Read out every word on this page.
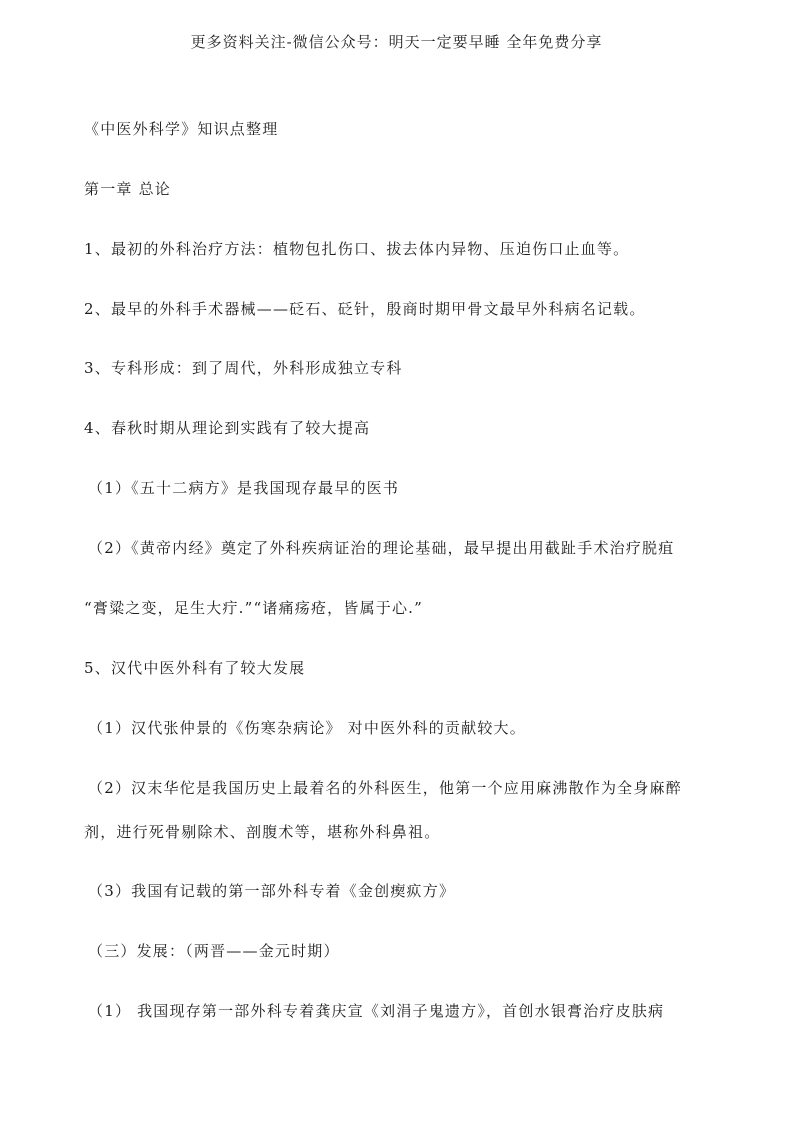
更多资料关注-微信公众号：明天一定要早睡 全年免费分享
《中医外科学》知识点整理
第一章 总论
1、最初的外科治疗方法：植物包扎伤口、拔去体内异物、压迫伤口止血等。
2、最早的外科手术器械——砭石、砭针，殷商时期甲骨文最早外科病名记载。
3、专科形成：到了周代，外科形成独立专科
4、春秋时期从理论到实践有了较大提高
（1）《五十二病方》是我国现存最早的医书
（2）《黄帝内经》奠定了外科疾病证治的理论基础，最早提出用截趾手术治疗脱疽
“膏粱之变，足生大疔.”“诸痛疡疮，皆属于心.”
5、汉代中医外科有了较大发展
（1）汉代张仲景的《伤寒杂病论》 对中医外科的贡献较大。
（2）汉末华佗是我国历史上最着名的外科医生，他第一个应用麻沸散作为全身麻醉
剂，进行死骨剔除术、剖腹术等，堪称外科鼻祖。
（3）我国有记载的第一部外科专着《金创瘈疭方》
（三）发展：（两晋——金元时期）
（1） 我国现存第一部外科专着龚庆宣《刘涓子鬼遗方》，首创水银膏治疗皮肤病
